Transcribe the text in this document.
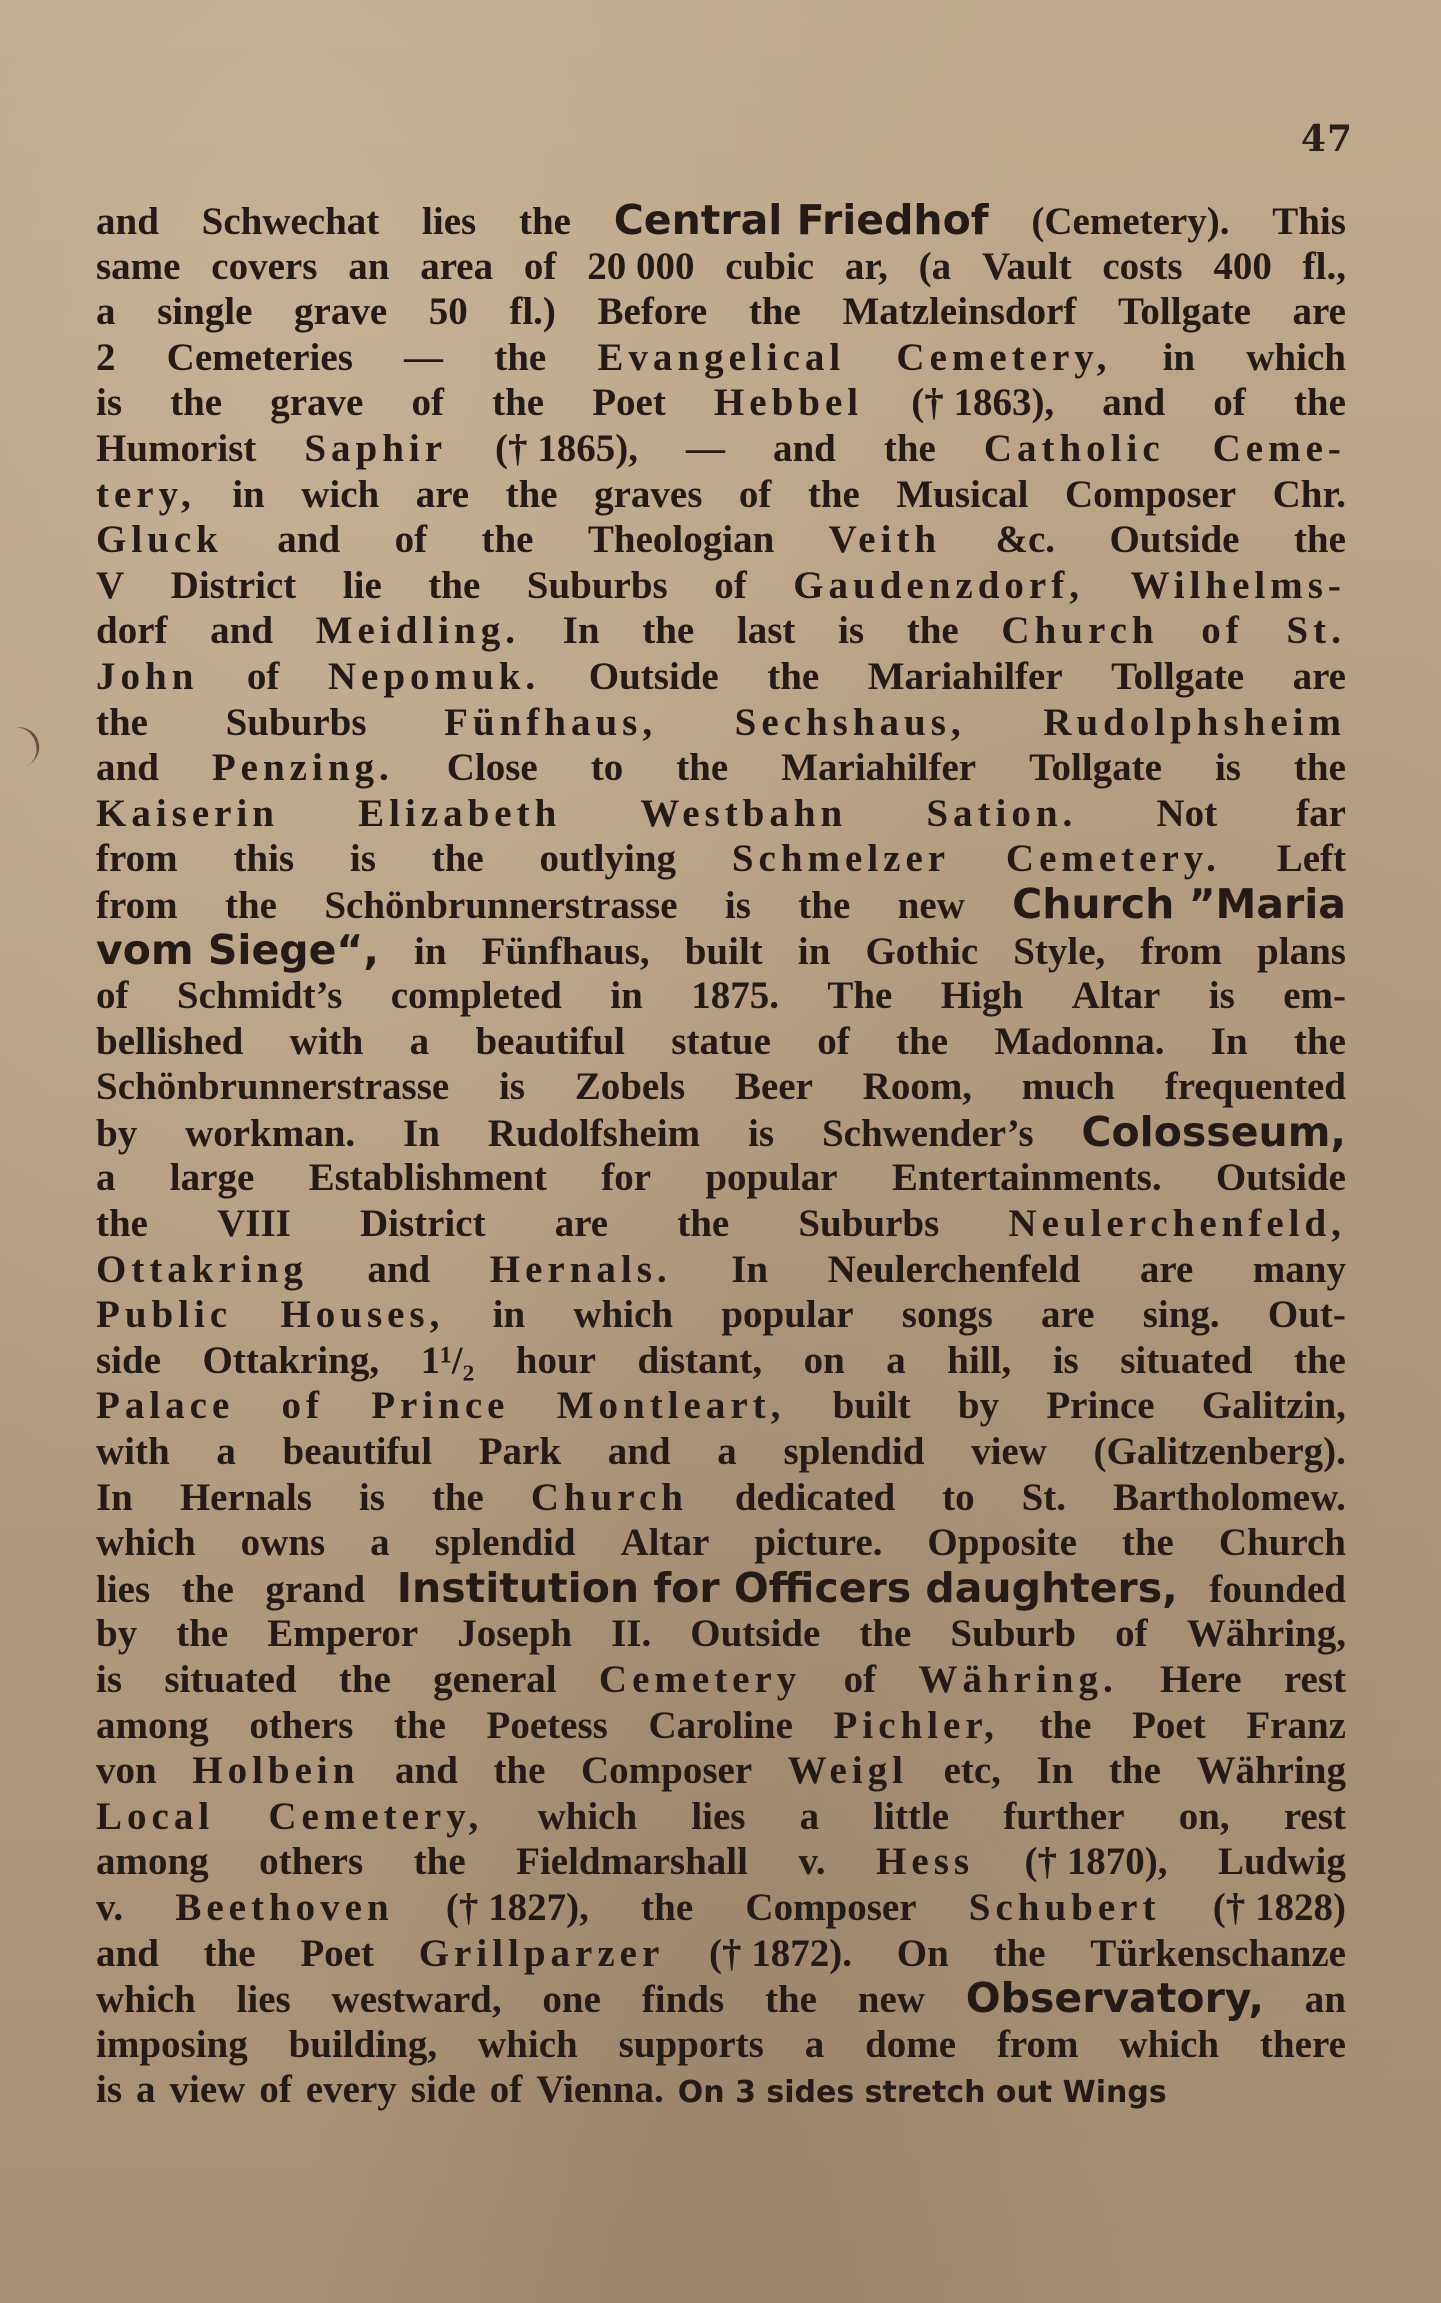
47
and Schwechat lies the Central Friedhof (Cemetery). This
same covers an area of 20 000 cubic ar, (a Vault costs 400 fl.,
a single grave 50 fl.) Before the Matzleinsdorf Tollgate are
2 Cemeteries — the Evangelical Cemetery, in which
is the grave of the Poet Hebbel († 1863), and of the
Humorist Saphir († 1865), — and the Catholic Ceme-
tery, in wich are the graves of the Musical Composer Chr.
Gluck and of the Theologian Veith &c. Outside the
V District lie the Suburbs of Gaudenzdorf, Wilhelms-
dorf and Meidling. In the last is the Church of St.
John of Nepomuk. Outside the Mariahilfer Tollgate are
the Suburbs Fünfhaus, Sechshaus, Rudolphsheim
and Penzing. Close to the Mariahilfer Tollgate is the
Kaiserin Elizabeth Westbahn Sation. Not far
from this is the outlying Schmelzer Cemetery. Left
from the Schönbrunnerstrasse is the new Church ”Maria
vom Siege“, in Fünfhaus, built in Gothic Style, from plans
of Schmidt’s completed in 1875. The High Altar is em-
bellished with a beautiful statue of the Madonna. In the
Schönbrunnerstrasse is Zobels Beer Room, much frequented
by workman. In Rudolfsheim is Schwender’s Colosseum,
a large Establishment for popular Entertainments. Outside
the VIII District are the Suburbs Neulerchenfeld,
Ottakring and Hernals. In Neulerchenfeld are many
Public Houses, in which popular songs are sing. Out-
side Ottakring, 1¹/₂ hour distant, on a hill, is situated the
Palace of Prince Montleart, built by Prince Galitzin,
with a beautiful Park and a splendid view (Galitzenberg).
In Hernals is the Church dedicated to St. Bartholomew.
which owns a splendid Altar picture. Opposite the Church
lies the grand Institution for Officers daughters, founded
by the Emperor Joseph II. Outside the Suburb of Währing,
is situated the general Cemetery of Währing. Here rest
among others the Poetess Caroline Pichler, the Poet Franz
von Holbein and the Composer Weigl etc, In the Währing
Local Cemetery, which lies a little further on, rest
among others the Fieldmarshall v. Hess († 1870), Ludwig
v. Beethoven († 1827), the Composer Schubert († 1828)
and the Poet Grillparzer († 1872). On the Türkenschanze
which lies westward, one finds the new Observatory, an
imposing building, which supports a dome from which there
is a view of every side of Vienna. On 3 sides stretch out Wings
